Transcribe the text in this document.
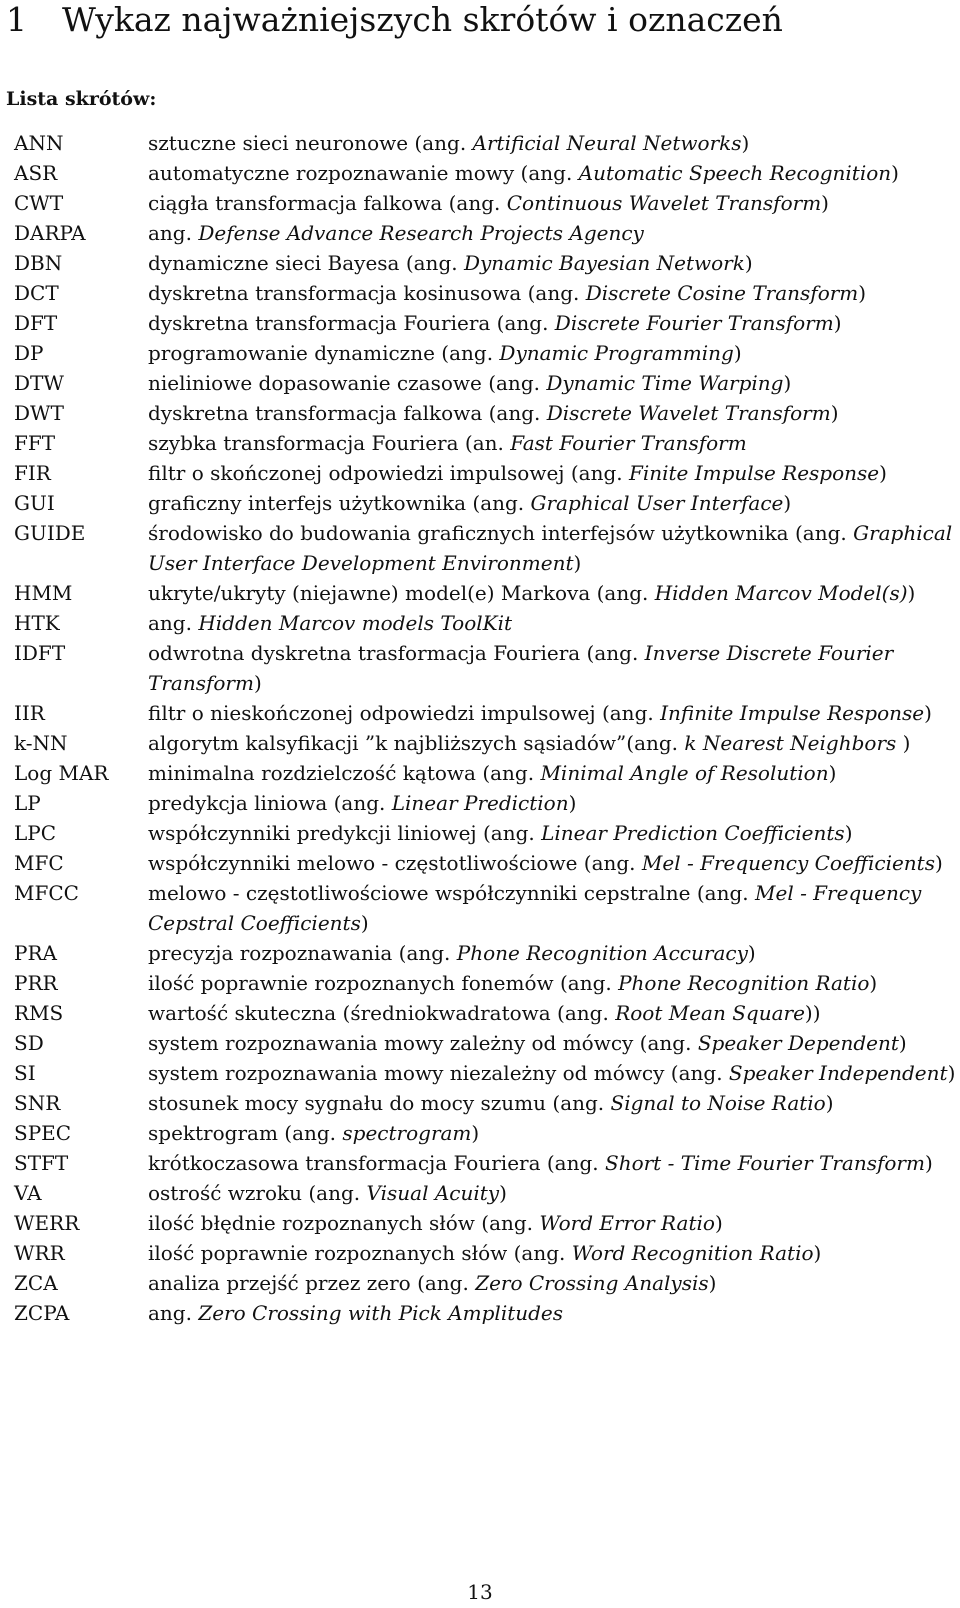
1 Wykaz najważniejszych skrótów i oznaczeń
Lista skrótów:
ANN	sztuczne sieci neuronowe (ang. Artificial Neural Networks)
ASR	automatyczne rozpoznawanie mowy (ang. Automatic Speech Recognition)
CWT	ciągła transformacja falkowa (ang. Continuous Wavelet Transform)
DARPA	ang. Defense Advance Research Projects Agency
DBN	dynamiczne sieci Bayesa (ang. Dynamic Bayesian Network)
DCT	dyskretna transformacja kosinusowa (ang. Discrete Cosine Transform)
DFT	dyskretna transformacja Fouriera (ang. Discrete Fourier Transform)
DP	programowanie dynamiczne (ang. Dynamic Programming)
DTW	nieliniowe dopasowanie czasowe (ang. Dynamic Time Warping)
DWT	dyskretna transformacja falkowa (ang. Discrete Wavelet Transform)
FFT	szybka transformacja Fouriera (an. Fast Fourier Transform
FIR	filtr o skończonej odpowiedzi impulsowej (ang. Finite Impulse Response)
GUI	graficzny interfejs użytkownika (ang. Graphical User Interface)
GUIDE	środowisko do budowania graficznych interfejsów użytkownika (ang. Graphical User Interface Development Environment)
HMM	ukryte/ukryty (niejawne) model(e) Markova (ang. Hidden Marcov Model(s))
HTK	ang. Hidden Marcov models ToolKit
IDFT	odwrotna dyskretna trasformacja Fouriera (ang. Inverse Discrete Fourier Transform)
IIR	filtr o nieskończonej odpowiedzi impulsowej (ang. Infinite Impulse Response)
k-NN	algorytm kalsyfikacji ”k najbliższych sąsiadów”(ang. k Nearest Neighbors )
Log MAR	minimalna rozdzielczość kątowa (ang. Minimal Angle of Resolution)
LP	predykcja liniowa (ang. Linear Prediction)
LPC	współczynniki predykcji liniowej (ang. Linear Prediction Coefficients)
MFC	współczynniki melowo - częstotliwościowe (ang. Mel - Frequency Coefficients)
MFCC	melowo - częstotliwościowe współczynniki cepstralne (ang. Mel - Frequency Cepstral Coefficients)
PRA	precyzja rozpoznawania (ang. Phone Recognition Accuracy)
PRR	ilość poprawnie rozpoznanych fonemów (ang. Phone Recognition Ratio)
RMS	wartość skuteczna (średniokwadratowa (ang. Root Mean Square))
SD	system rozpoznawania mowy zależny od mówcy (ang. Speaker Dependent)
SI	system rozpoznawania mowy niezależny od mówcy (ang. Speaker Independent)
SNR	stosunek mocy sygnału do mocy szumu (ang. Signal to Noise Ratio)
SPEC	spektrogram (ang. spectrogram)
STFT	krótkoczasowa transformacja Fouriera (ang. Short - Time Fourier Transform)
VA	ostrość wzroku (ang. Visual Acuity)
WERR	ilość błędnie rozpoznanych słów (ang. Word Error Ratio)
WRR	ilość poprawnie rozpoznanych słów (ang. Word Recognition Ratio)
ZCA	analiza przejść przez zero (ang. Zero Crossing Analysis)
ZCPA	ang. Zero Crossing with Pick Amplitudes
13
